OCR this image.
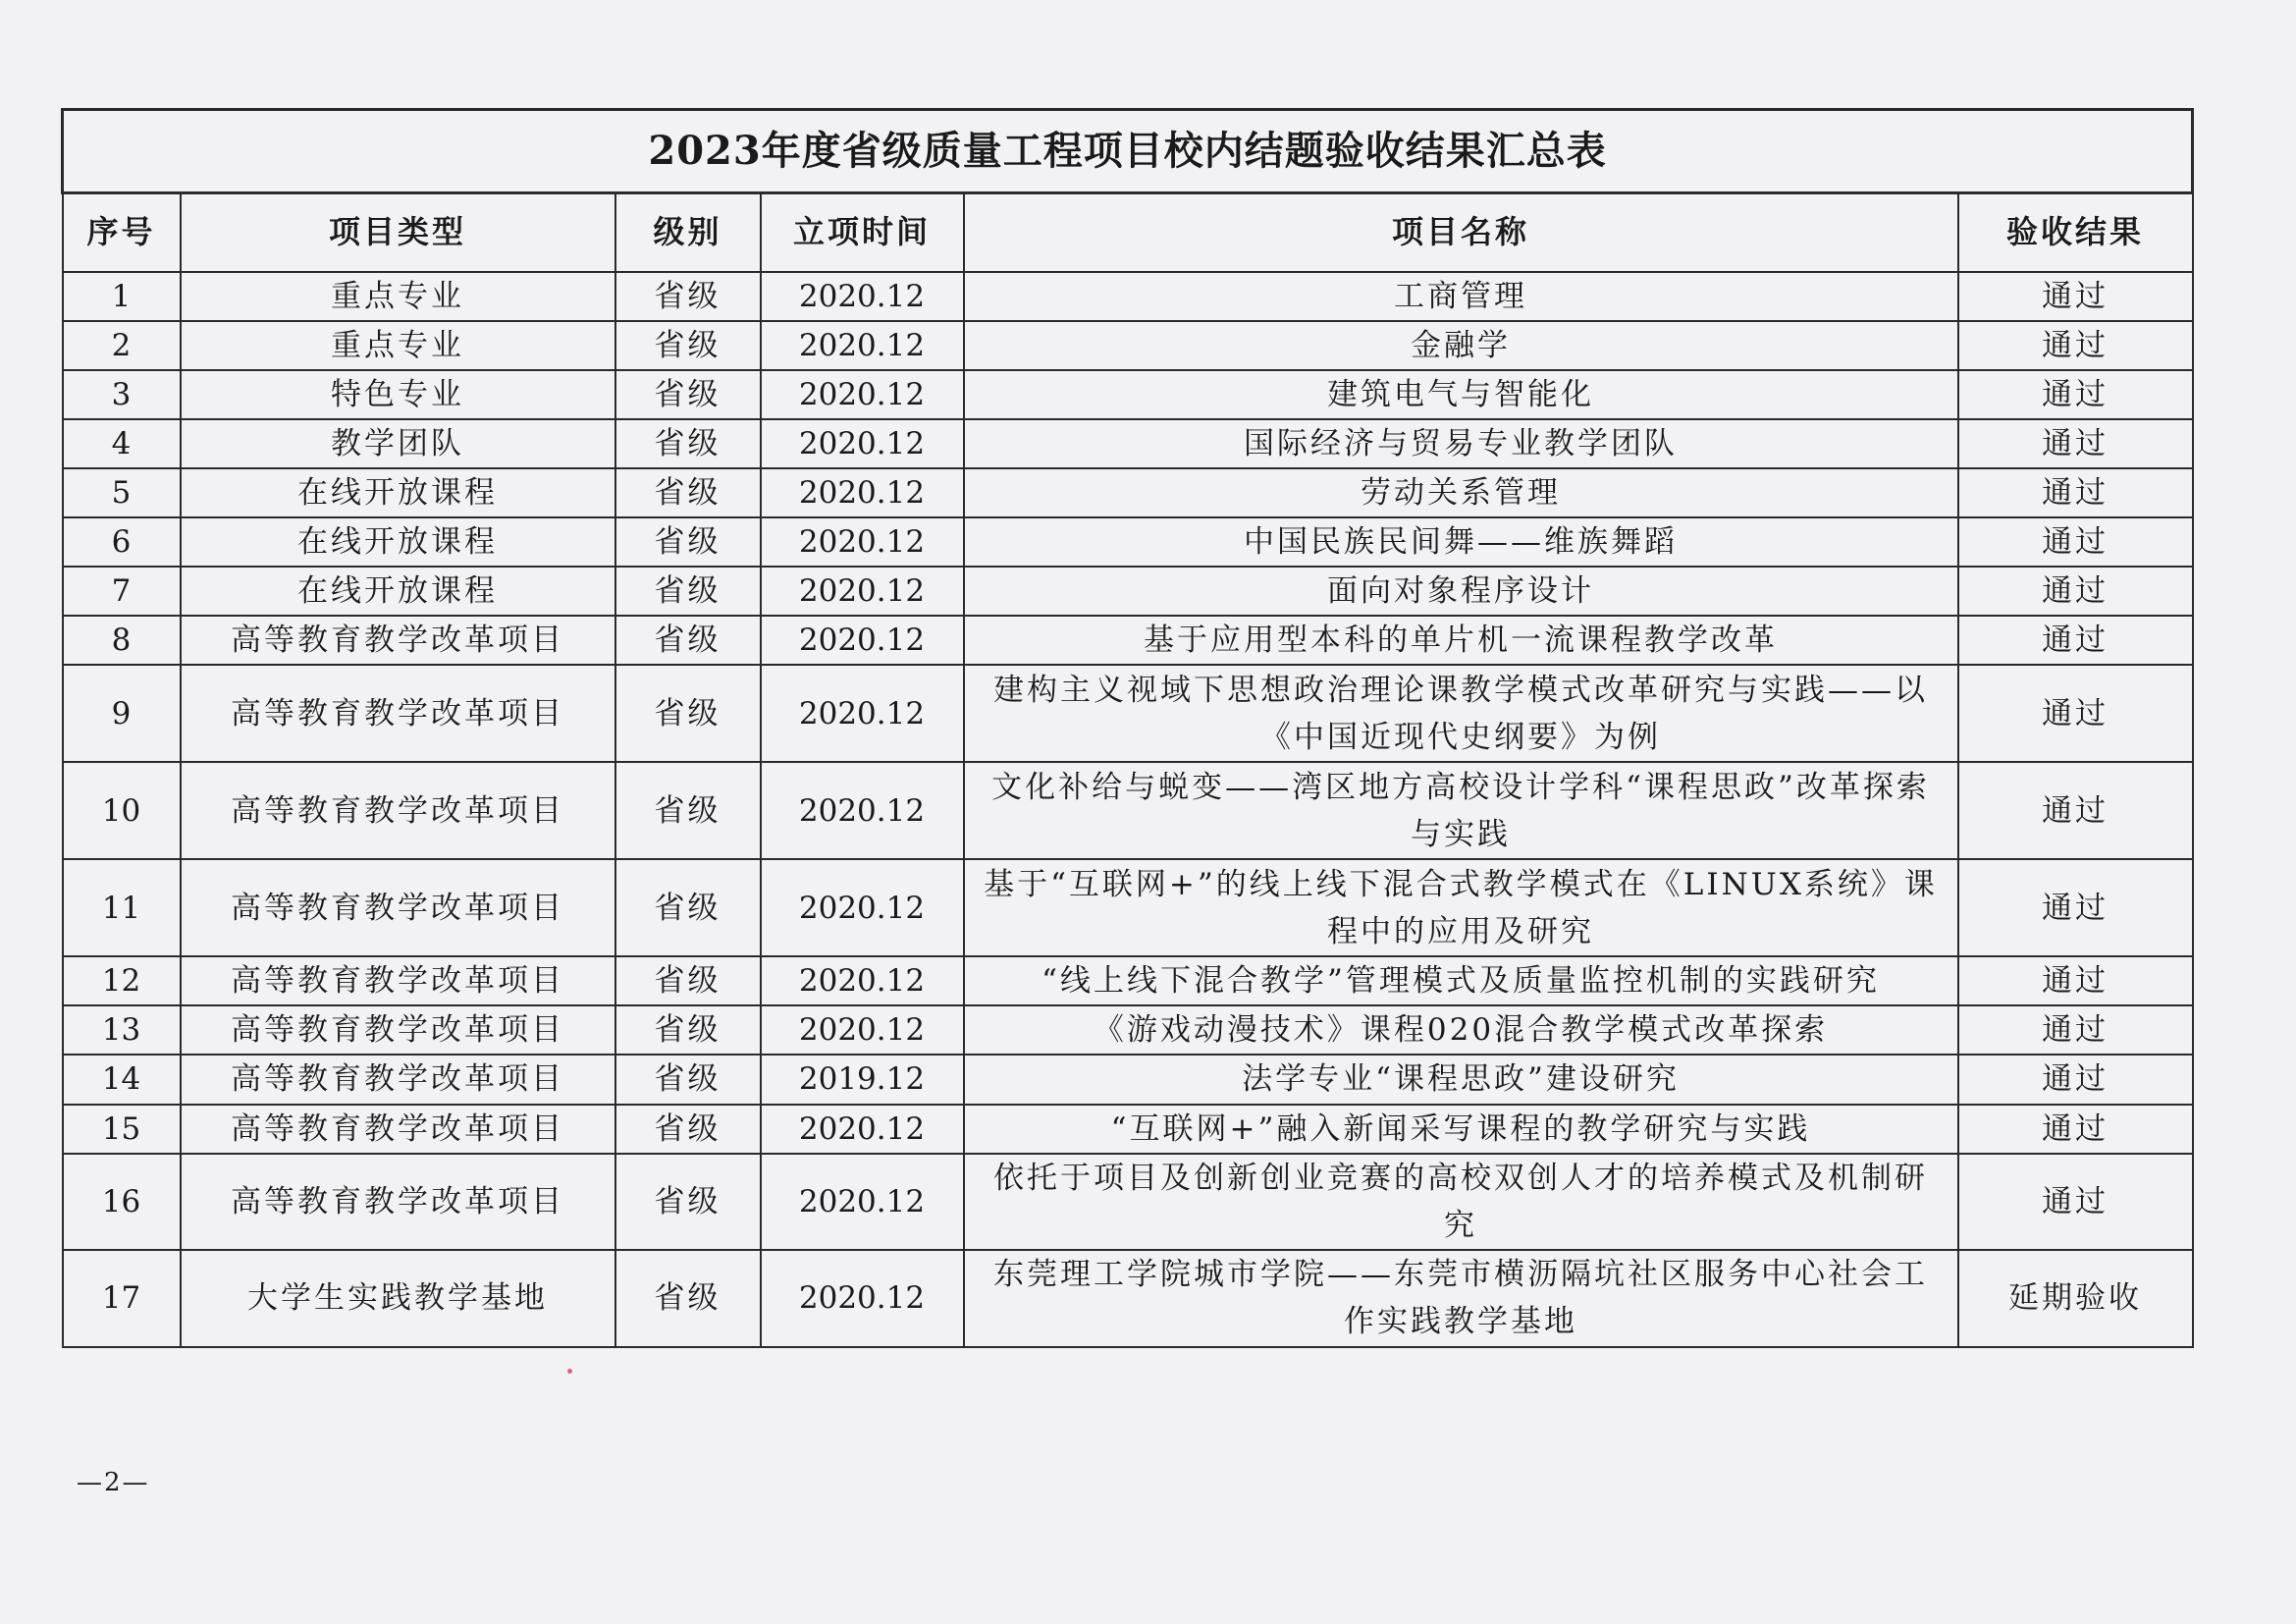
2023年度省级质量工程项目校内结题验收结果汇总表					
序号	项目类型	级别	立项时间	项目名称	验收结果
1	重点专业	省级	2020.12	工商管理	通过
2	重点专业	省级	2020.12	金融学	通过
3	特色专业	省级	2020.12	建筑电气与智能化	通过
4	教学团队	省级	2020.12	国际经济与贸易专业教学团队	通过
5	在线开放课程	省级	2020.12	劳动关系管理	通过
6	在线开放课程	省级	2020.12	中国民族民间舞——维族舞蹈	通过
7	在线开放课程	省级	2020.12	面向对象程序设计	通过
8	高等教育教学改革项目	省级	2020.12	基于应用型本科的单片机一流课程教学改革	通过
9	高等教育教学改革项目	省级	2020.12	建构主义视域下思想政治理论课教学模式改革研究与实践——以《中国近现代史纲要》为例	通过
10	高等教育教学改革项目	省级	2020.12	文化补给与蜕变——湾区地方高校设计学科“课程思政”改革探索与实践	通过
11	高等教育教学改革项目	省级	2020.12	基于“互联网+”的线上线下混合式教学模式在《LINUX系统》课程中的应用及研究	通过
12	高等教育教学改革项目	省级	2020.12	“线上线下混合教学”管理模式及质量监控机制的实践研究	通过
13	高等教育教学改革项目	省级	2020.12	《游戏动漫技术》课程020混合教学模式改革探索	通过
14	高等教育教学改革项目	省级	2019.12	法学专业“课程思政”建设研究	通过
15	高等教育教学改革项目	省级	2020.12	“互联网+”融入新闻采写课程的教学研究与实践	通过
16	高等教育教学改革项目	省级	2020.12	依托于项目及创新创业竞赛的高校双创人才的培养模式及机制研究	通过
17	大学生实践教学基地	省级	2020.12	东莞理工学院城市学院——东莞市横沥隔坑社区服务中心社会工作实践教学基地	延期验收
—2—
